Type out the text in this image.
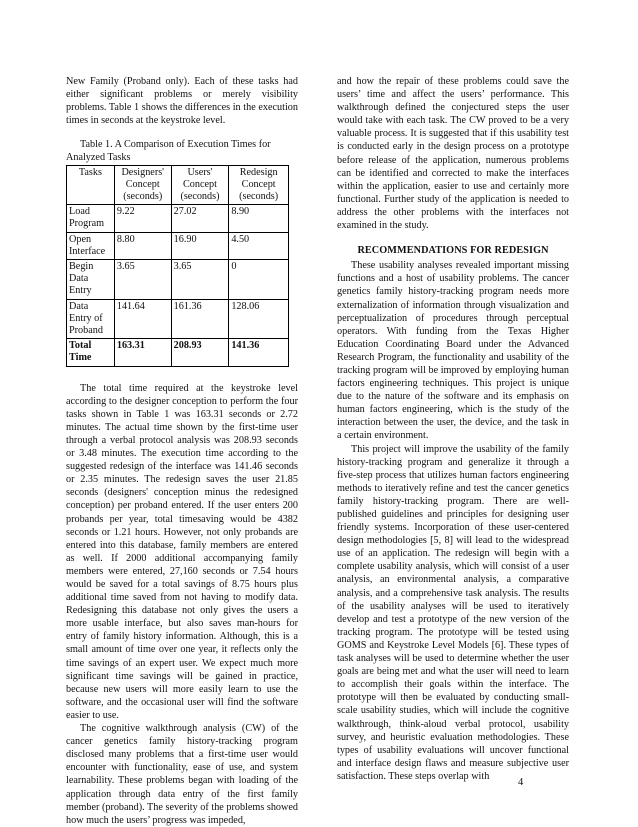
New Family (Proband only). Each of these tasks had either significant problems or merely visibility problems. Table 1 shows the differences in the execution times in seconds at the keystroke level.

Table 1. A Comparison of Execution Times for Analyzed Tasks

Tasks	Designers' Concept (seconds)	Users' Concept (seconds)	Redesign Concept (seconds)
Load Program	9.22	27.02	8.90
Open Interface	8.80	16.90	4.50
Begin Data Entry	3.65	3.65	0
Data Entry of Proband	141.64	161.36	128.06
Total Time	163.31	208.93	141.36

The total time required at the keystroke level according to the designer conception to perform the four tasks shown in Table 1 was 163.31 seconds or 2.72 minutes. The actual time shown by the first-time user through a verbal protocol analysis was 208.93 seconds or 3.48 minutes. The execution time according to the suggested redesign of the interface was 141.46 seconds or 2.35 minutes. The redesign saves the user 21.85 seconds (designers' conception minus the redesigned conception) per proband entered. If the user enters 200 probands per year, total timesaving would be 4382 seconds or 1.21 hours. However, not only probands are entered into this database, family members are entered as well. If 2000 additional accompanying family members were entered, 27,160 seconds or 7.54 hours would be saved for a total savings of 8.75 hours plus additional time saved from not having to modify data. Redesigning this database not only gives the users a more usable interface, but also saves man-hours for entry of family history information. Although, this is a small amount of time over one year, it reflects only the time savings of an expert user. We expect much more significant time savings will be gained in practice, because new users will more easily learn to use the software, and the occasional user will find the software easier to use.

The cognitive walkthrough analysis (CW) of the cancer genetics family history-tracking program disclosed many problems that a first-time user would encounter with functionality, ease of use, and system learnability. These problems began with loading of the application through data entry of the first family member (proband). The severity of the problems showed how much the users’ progress was impeded,

and how the repair of these problems could save the users’ time and affect the users’ performance. This walkthrough defined the conjectured steps the user would take with each task. The CW proved to be a very valuable process. It is suggested that if this usability test is conducted early in the design process on a prototype before release of the application, numerous problems can be identified and corrected to make the interfaces within the application, easier to use and certainly more functional. Further study of the application is needed to address the other problems with the interfaces not examined in the study.

RECOMMENDATIONS FOR REDESIGN

These usability analyses revealed important missing functions and a host of usability problems. The cancer genetics family history-tracking program needs more externalization of information through visualization and perceptualization of procedures through perceptual operators. With funding from the Texas Higher Education Coordinating Board under the Advanced Research Program, the functionality and usability of the tracking program will be improved by employing human factors engineering techniques. This project is unique due to the nature of the software and its emphasis on human factors engineering, which is the study of the interaction between the user, the device, and the task in a certain environment.

This project will improve the usability of the family history-tracking program and generalize it through a five-step process that utilizes human factors engineering methods to iteratively refine and test the cancer genetics family history-tracking program. There are well-published guidelines and principles for designing user friendly systems. Incorporation of these user-centered design methodologies [5, 8] will lead to the widespread use of an application. The redesign will begin with a complete usability analysis, which will consist of a user analysis, an environmental analysis, a comparative analysis, and a comprehensive task analysis. The results of the usability analyses will be used to iteratively develop and test a prototype of the new version of the tracking program. The prototype will be tested using GOMS and Keystroke Level Models [6]. These types of task analyses will be used to determine whether the user goals are being met and what the user will need to learn to accomplish their goals within the interface. The prototype will then be evaluated by conducting small-scale usability studies, which will include the cognitive walkthrough, think-aloud verbal protocol, usability survey, and heuristic evaluation methodologies. These types of usability evaluations will uncover functional and interface design flaws and measure subjective user satisfaction. These steps overlap with

4
